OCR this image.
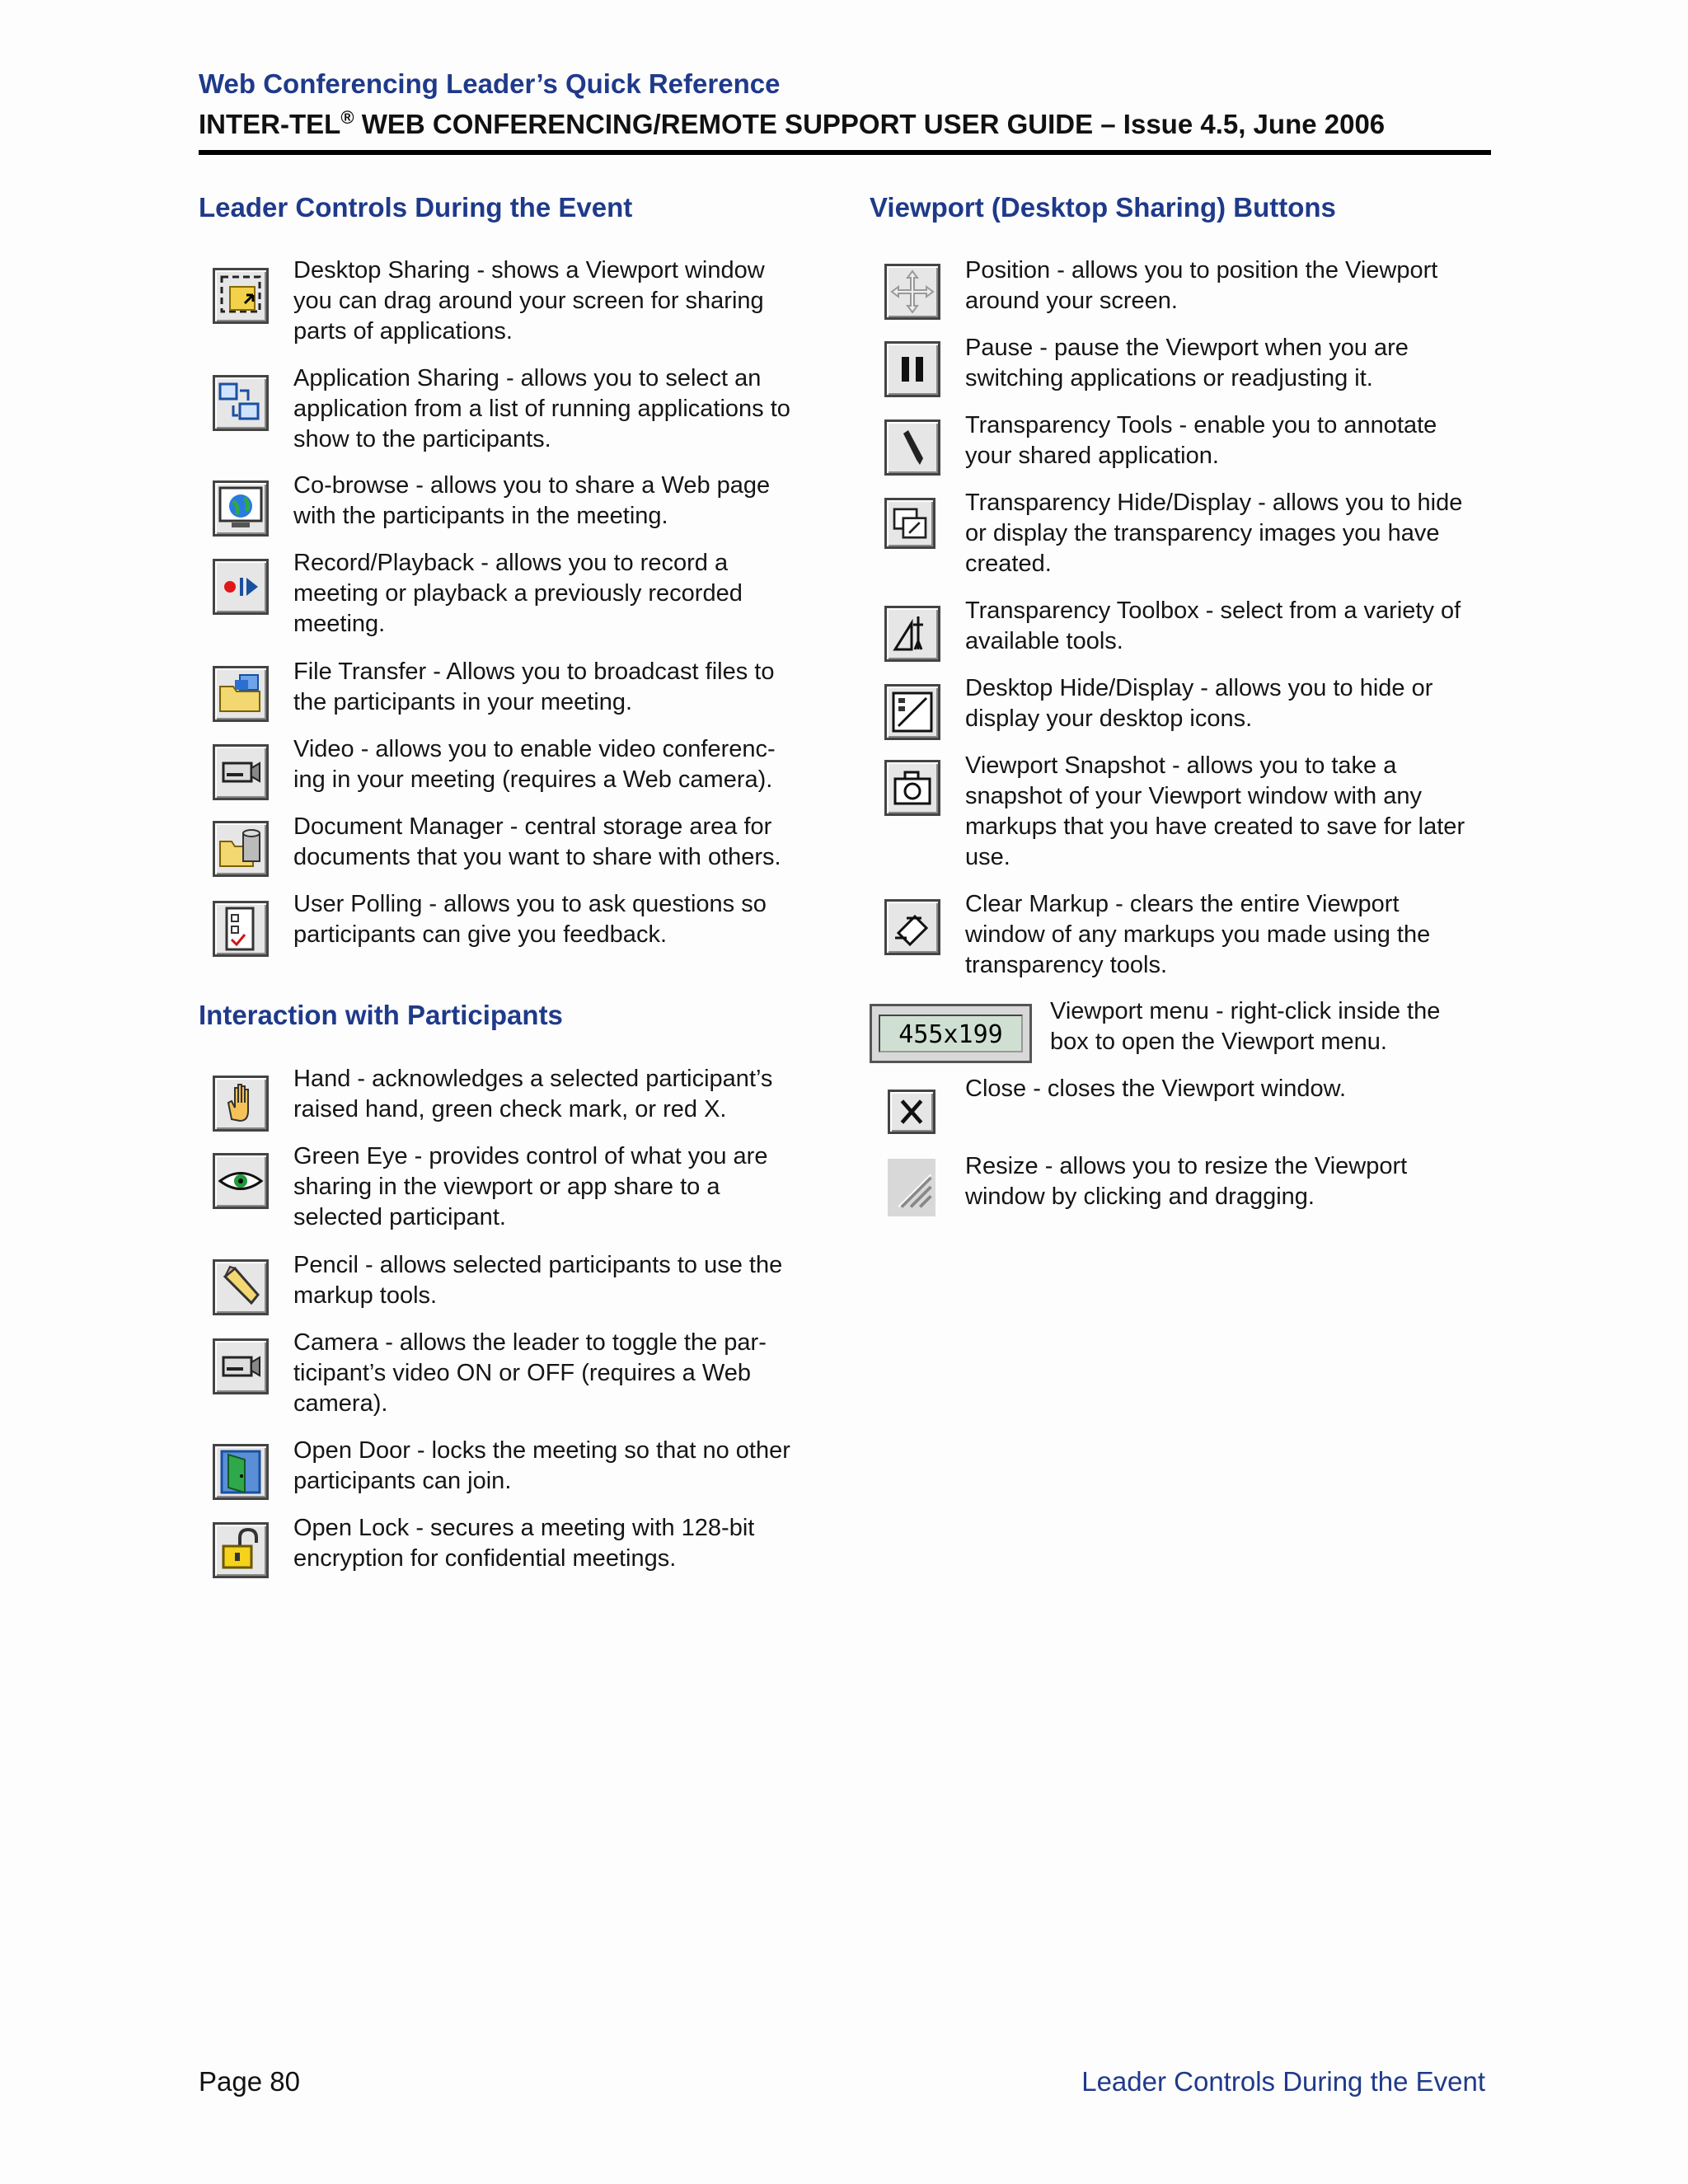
Web Conferencing Leader’s Quick Reference
INTER-TEL® WEB CONFERENCING/REMOTE SUPPORT USER GUIDE – Issue 4.5, June 2006
Leader Controls During the Event
Desktop Sharing - shows a Viewport window you can drag around your screen for sharing parts of applications.
Application Sharing - allows you to select an application from a list of running applications to show to the participants.
Co-browse - allows you to share a Web page with the participants in the meeting.
Record/Playback - allows you to record a meeting or playback a previously recorded meeting.
File Transfer - Allows you to broadcast files to the participants in your meeting.
Video - allows you to enable video conferenc-ing in your meeting (requires a Web camera).
Document Manager - central storage area for documents that you want to share with others.
User Polling - allows you to ask questions so participants can give you feedback.
Interaction with Participants
Hand - acknowledges a selected participant’s raised hand, green check mark, or red X.
Green Eye - provides control of what you are sharing in the viewport or app share to a selected participant.
Pencil - allows selected participants to use the markup tools.
Camera - allows the leader to toggle the par-ticipant’s video ON or OFF (requires a Web camera).
Open Door - locks the meeting so that no other participants can join.
Open Lock - secures a meeting with 128-bit encryption for confidential meetings.
Viewport (Desktop Sharing) Buttons
Position - allows you to position the Viewport around your screen.
Pause - pause the Viewport when you are switching applications or readjusting it.
Transparency Tools - enable you to annotate your shared application.
Transparency Hide/Display - allows you to hide or display the transparency images you have created.
Transparency Toolbox - select from a variety of available tools.
Desktop Hide/Display - allows you to hide or display your desktop icons.
Viewport Snapshot - allows you to take a snapshot of your Viewport window with any markups that you have created to save for later use.
Clear Markup - clears the entire Viewport window of any markups you made using the transparency tools.
455x199
Viewport menu - right-click inside the box to open the Viewport menu.
Close - closes the Viewport window.
Resize - allows you to resize the Viewport window by clicking and dragging.
Page 80	Leader Controls During the Event
